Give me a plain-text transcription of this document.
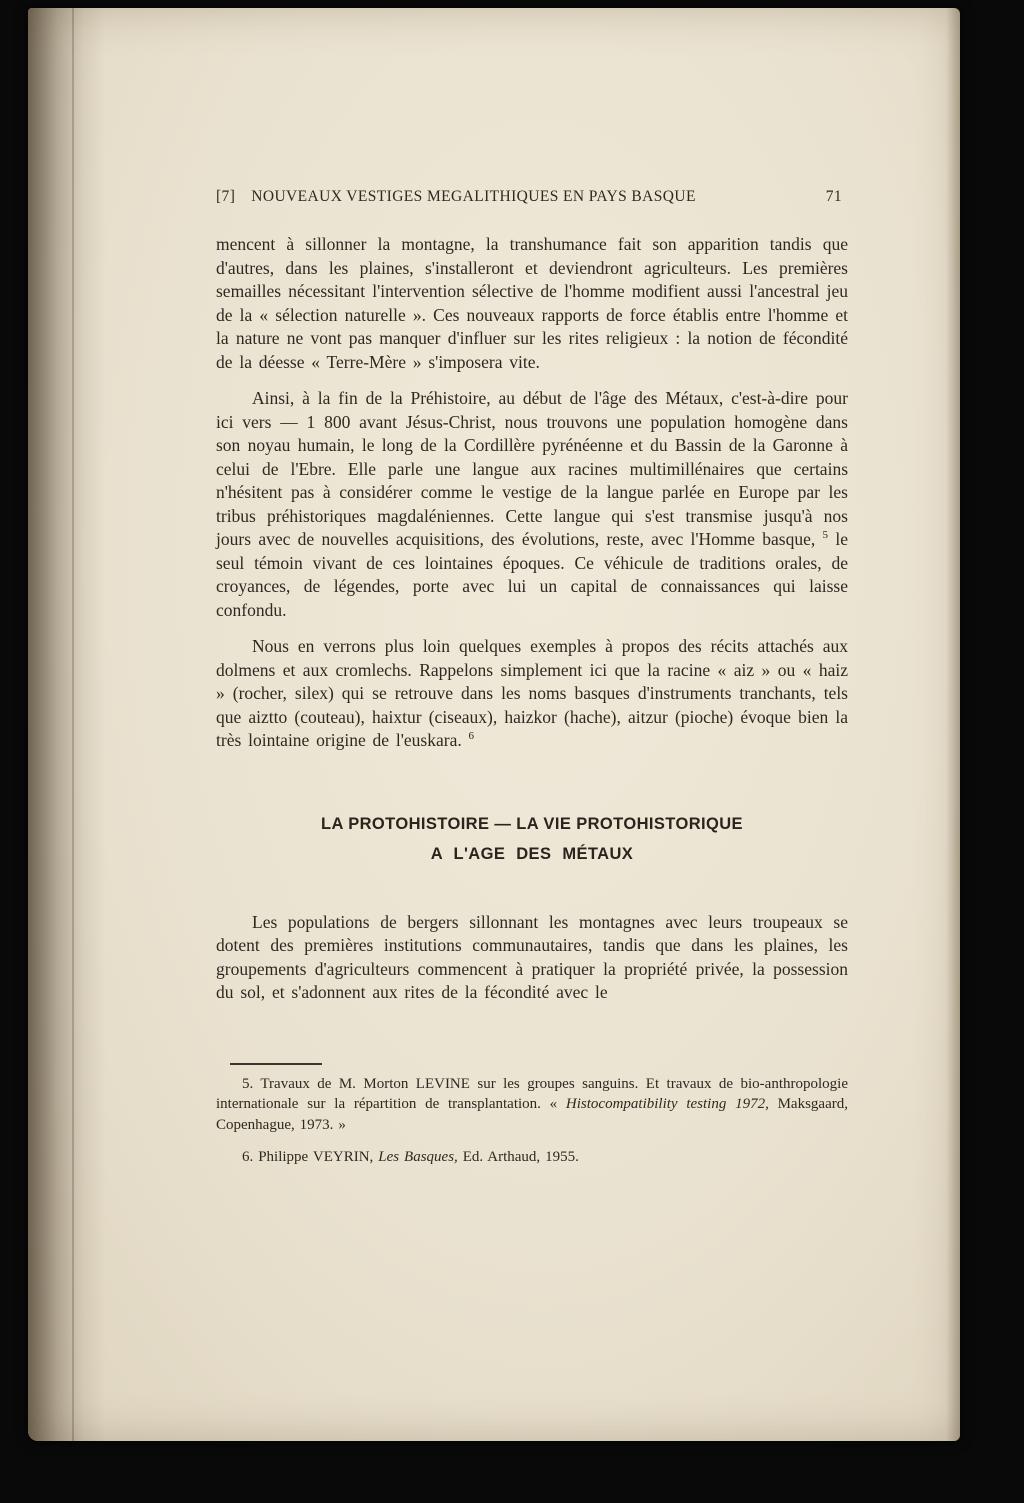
[7] NOUVEAUX VESTIGES MEGALITHIQUES EN PAYS BASQUE	71

mencent à sillonner la montagne, la transhumance fait son apparition tandis que d'autres, dans les plaines, s'installeront et deviendront agriculteurs. Les premières semailles nécessitant l'intervention sélective de l'homme modifient aussi l'ancestral jeu de la « sélection naturelle ». Ces nouveaux rapports de force établis entre l'homme et la nature ne vont pas manquer d'influer sur les rites religieux : la notion de fécondité de la déesse « Terre-Mère » s'imposera vite.

Ainsi, à la fin de la Préhistoire, au début de l'âge des Métaux, c'est-à-dire pour ici vers — 1 800 avant Jésus-Christ, nous trouvons une population homogène dans son noyau humain, le long de la Cordillère pyrénéenne et du Bassin de la Garonne à celui de l'Ebre. Elle parle une langue aux racines multimillénaires que certains n'hésitent pas à considérer comme le vestige de la langue parlée en Europe par les tribus préhistoriques magdaléniennes. Cette langue qui s'est transmise jusqu'à nos jours avec de nouvelles acquisitions, des évolutions, reste, avec l'Homme basque, $^5$ le seul témoin vivant de ces lointaines époques. Ce véhicule de traditions orales, de croyances, de légendes, porte avec lui un capital de connaissances qui laisse confondu.

Nous en verrons plus loin quelques exemples à propos des récits attachés aux dolmens et aux cromlechs. Rappelons simplement ici que la racine « aiz » ou « haiz » (rocher, silex) qui se retrouve dans les noms basques d'instruments tranchants, tels que aiztto (couteau), haixtur (ciseaux), haizkor (hache), aitzur (pioche) évoque bien la très lointaine origine de l'euskara. $^6$

LA PROTOHISTOIRE — LA VIE PROTOHISTORIQUE
A L'AGE DES MÉTAUX

Les populations de bergers sillonnant les montagnes avec leurs troupeaux se dotent des premières institutions communautaires, tandis que dans les plaines, les groupements d'agriculteurs commencent à pratiquer la propriété privée, la possession du sol, et s'adonnent aux rites de la fécondité avec le

5. Travaux de M. Morton LEVINE sur les groupes sanguins. Et travaux de bio-anthropologie internationale sur la répartition de transplantation. « Histocompatibility testing 1972, Maksgaard, Copenhague, 1973. »

6. Philippe VEYRIN, Les Basques, Ed. Arthaud, 1955.
